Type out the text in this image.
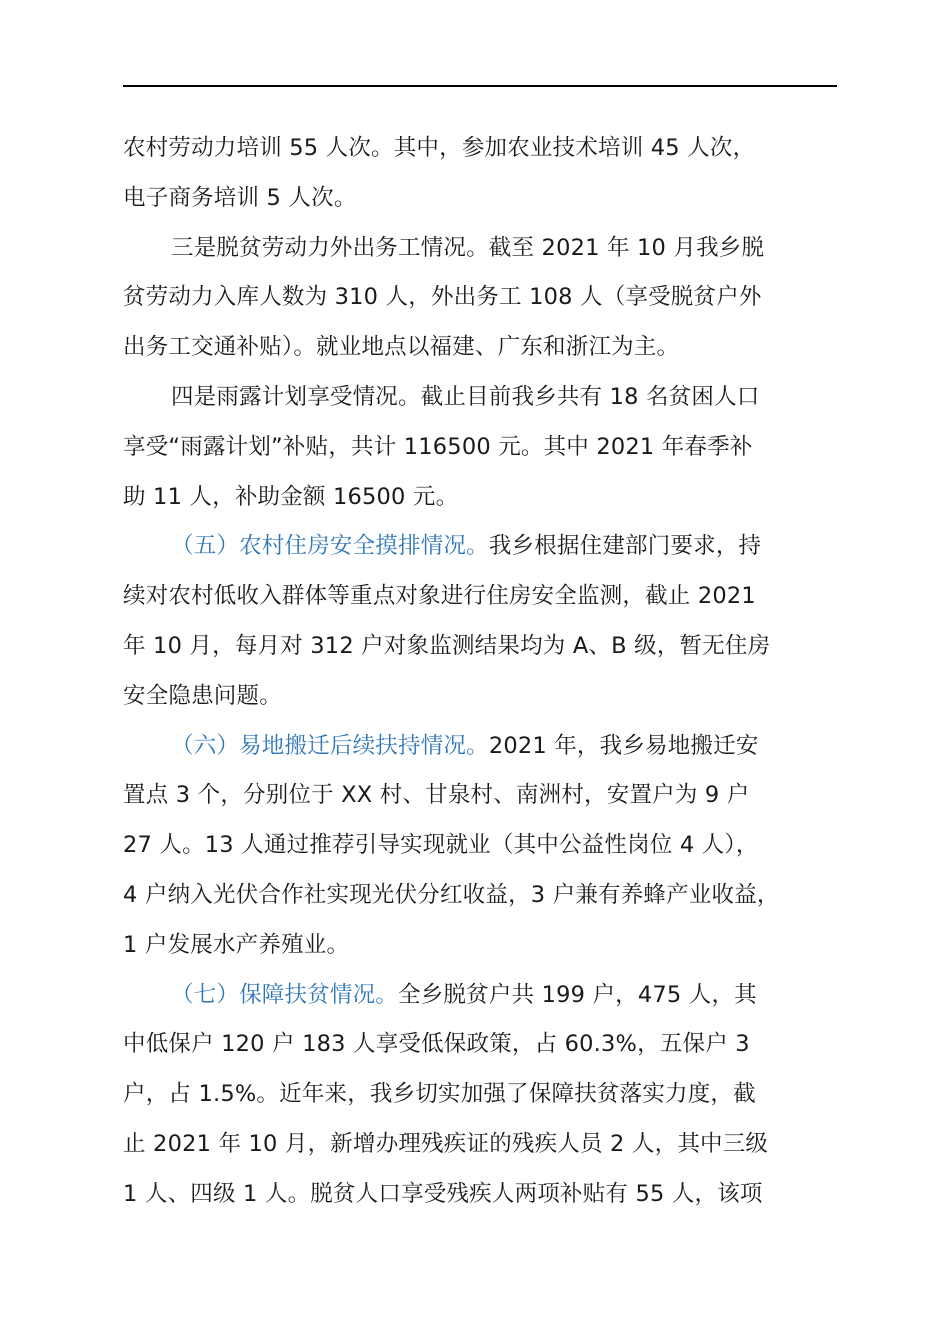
农村劳动力培训 55 人次。其中，参加农业技术培训 45 人次，
电子商务培训 5 人次。
三是脱贫劳动力外出务工情况。截至 2021 年 10 月我乡脱
贫劳动力入库人数为 310 人，外出务工 108 人（享受脱贫户外
出务工交通补贴）。就业地点以福建、广东和浙江为主。
四是雨露计划享受情况。截止目前我乡共有 18 名贫困人口
享受“雨露计划”补贴，共计 116500 元。其中 2021 年春季补
助 11 人，补助金额 16500 元。
（五）农村住房安全摸排情况。我乡根据住建部门要求，持
续对农村低收入群体等重点对象进行住房安全监测，截止 2021
年 10 月，每月对 312 户对象监测结果均为 A、B 级，暂无住房
安全隐患问题。
（六）易地搬迁后续扶持情况。2021 年，我乡易地搬迁安
置点 3 个，分别位于 XX 村、甘泉村、南洲村，安置户为 9 户
27 人。13 人通过推荐引导实现就业（其中公益性岗位 4 人），
4 户纳入光伏合作社实现光伏分红收益，3 户兼有养蜂产业收益，
1 户发展水产养殖业。
（七）保障扶贫情况。全乡脱贫户共 199 户，475 人，其
中低保户 120 户 183 人享受低保政策，占 60.3%，五保户 3
户，占 1.5%。近年来，我乡切实加强了保障扶贫落实力度，截
止 2021 年 10 月，新增办理残疾证的残疾人员 2 人，其中三级
1 人、四级 1 人。脱贫人口享受残疾人两项补贴有 55 人，该项
